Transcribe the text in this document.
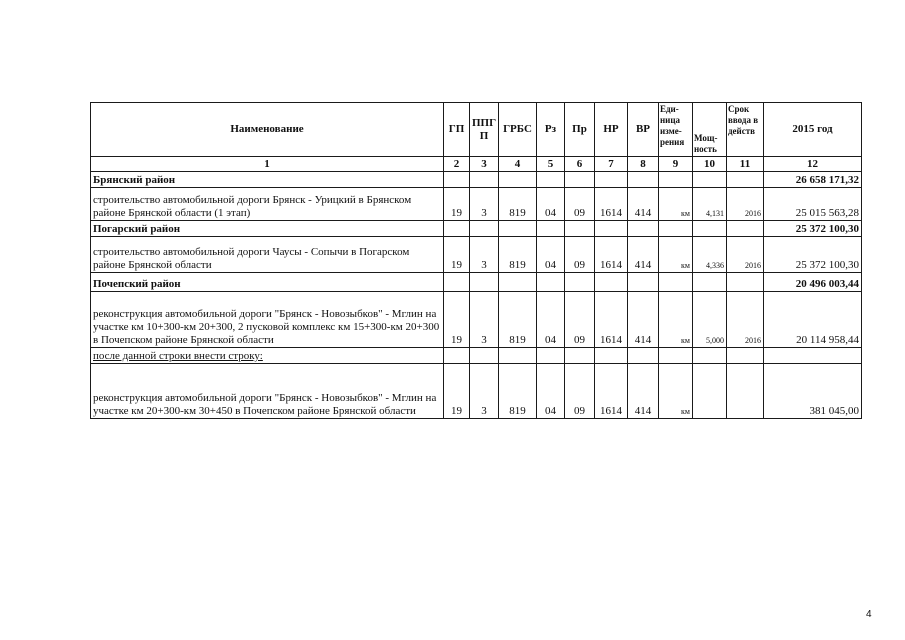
Наименование	ГП	ППГ П	ГРБС	Рз	Пр	НР	ВР	Еди- ница изме- рения	Мощ- ность	Срок ввода в действ	2015 год
1	2	3	4	5	6	7	8	9	10	11	12
Брянский район											26 658 171,32
строительство автомобильной дороги Брянск - Урицкий в Брянском районе Брянской области (1 этап)	19	3	819	04	09	1614	414	км	4,131	2016	25 015 563,28
Погарский район											25 372 100,30
строительство автомобильной дороги Чаусы - Сопычи в Погарском районе Брянской области	19	3	819	04	09	1614	414	км	4,336	2016	25 372 100,30
Почепский район											20 496 003,44
реконструкция автомобильной дороги "Брянск - Новозыбков" - Мглин на участке км 10+300-км 20+300, 2 пусковой комплекс км 15+300-км 20+300 в Почепском районе Брянской области	19	3	819	04	09	1614	414	км	5,000	2016	20 114 958,44
после данной строки внести строку:											
реконструкция автомобильной дороги "Брянск - Новозыбков" - Мглин на участке км 20+300-км 30+450 в Почепском районе Брянской области	19	3	819	04	09	1614	414	км			381 045,00
4
